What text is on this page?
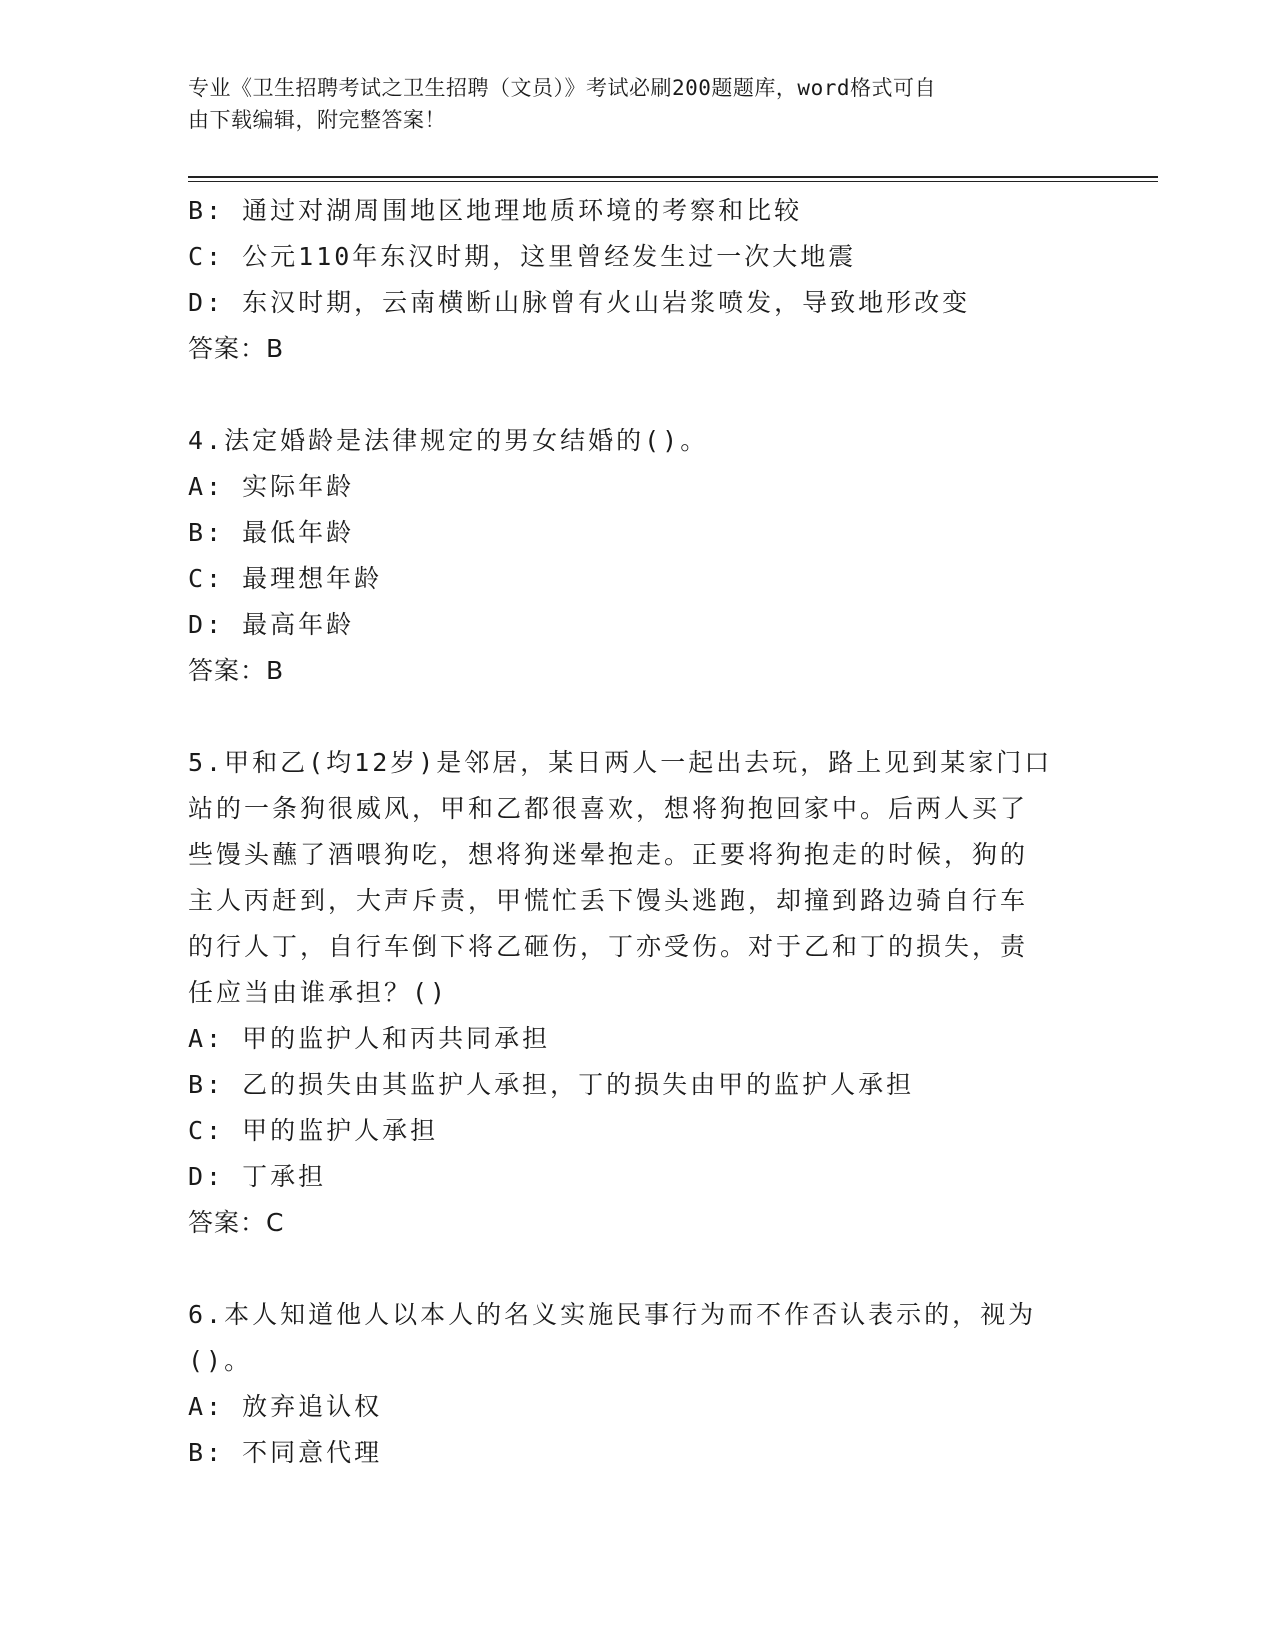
专业《卫生招聘考试之卫生招聘（文员）》考试必刷200题题库，word格式可自
由下载编辑，附完整答案！
B: 通过对湖周围地区地理地质环境的考察和比较
C: 公元110年东汉时期，这里曾经发生过一次大地震
D: 东汉时期，云南横断山脉曾有火山岩浆喷发，导致地形改变
答案：B
4.法定婚龄是法律规定的男女结婚的()。
A: 实际年龄
B: 最低年龄
C: 最理想年龄
D: 最高年龄
答案：B
5.甲和乙(均12岁)是邻居，某日两人一起出去玩，路上见到某家门口
站的一条狗很威风，甲和乙都很喜欢，想将狗抱回家中。后两人买了
些馒头蘸了酒喂狗吃，想将狗迷晕抱走。正要将狗抱走的时候，狗的
主人丙赶到，大声斥责，甲慌忙丢下馒头逃跑，却撞到路边骑自行车
的行人丁，自行车倒下将乙砸伤，丁亦受伤。对于乙和丁的损失，责
任应当由谁承担？()
A: 甲的监护人和丙共同承担
B: 乙的损失由其监护人承担，丁的损失由甲的监护人承担
C: 甲的监护人承担
D: 丁承担
答案：C
6.本人知道他人以本人的名义实施民事行为而不作否认表示的，视为
()。
A: 放弃追认权
B: 不同意代理
